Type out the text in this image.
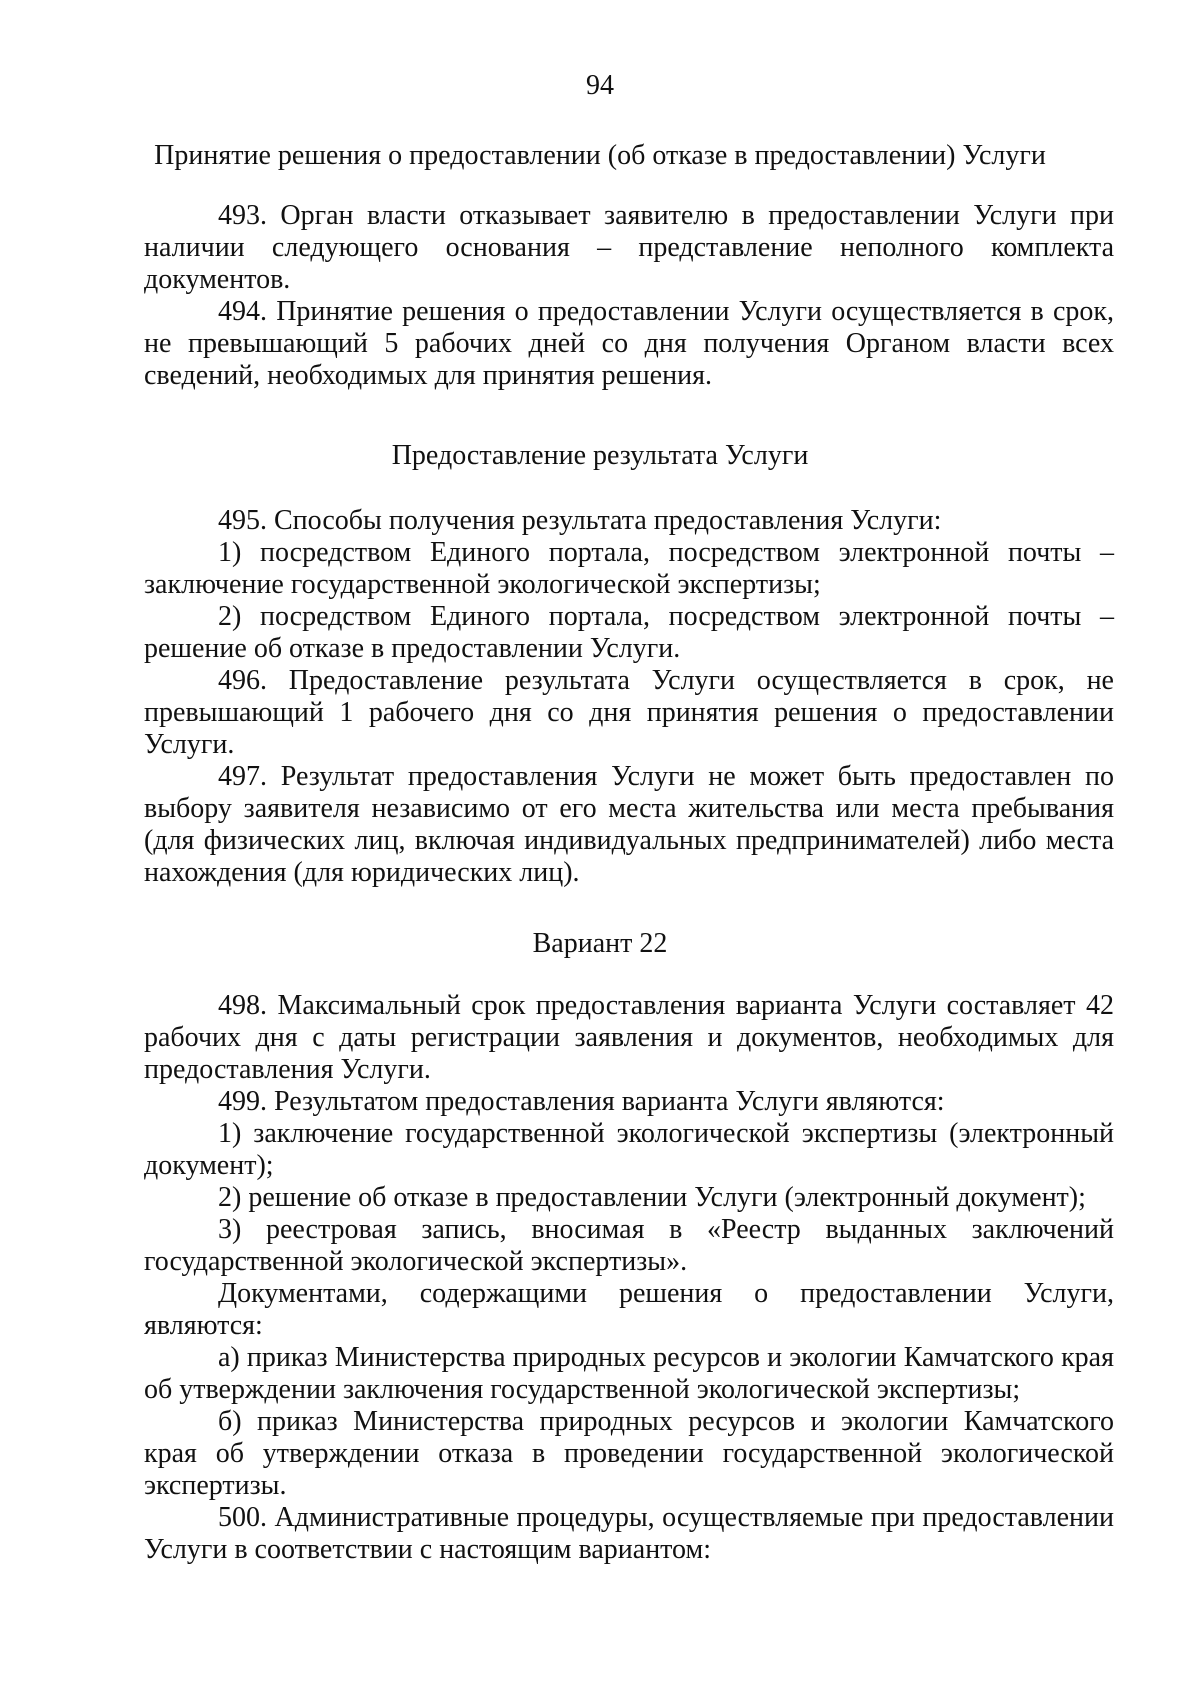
94
Принятие решения о предоставлении (об отказе в предоставлении) Услуги

493. Орган власти отказывает заявителю в предоставлении Услуги при наличии следующего основания – представление неполного комплекта документов.

494. Принятие решения о предоставлении Услуги осуществляется в срок, не превышающий 5 рабочих дней со дня получения Органом власти всех сведений, необходимых для принятия решения.

Предоставление результата Услуги

495. Способы получения результата предоставления Услуги:

1) посредством Единого портала, посредством электронной почты – заключение государственной экологической экспертизы;

2) посредством Единого портала, посредством электронной почты – решение об отказе в предоставлении Услуги.

496. Предоставление результата Услуги осуществляется в срок, не превышающий 1 рабочего дня со дня принятия решения о предоставлении Услуги.

497. Результат предоставления Услуги не может быть предоставлен по выбору заявителя независимо от его места жительства или места пребывания (для физических лиц, включая индивидуальных предпринимателей) либо места нахождения (для юридических лиц).

Вариант 22

498. Максимальный срок предоставления варианта Услуги составляет 42 рабочих дня с даты регистрации заявления и документов, необходимых для предоставления Услуги.

499. Результатом предоставления варианта Услуги являются:

1) заключение государственной экологической экспертизы (электронный документ);

2) решение об отказе в предоставлении Услуги (электронный документ);

3) реестровая запись, вносимая в «Реестр выданных заключений государственной экологической экспертизы».

Документами, содержащими решения о предоставлении Услуги, являются:

а) приказ Министерства природных ресурсов и экологии Камчатского края об утверждении заключения государственной экологической экспертизы;

б) приказ Министерства природных ресурсов и экологии Камчатского края об утверждении отказа в проведении государственной экологической экспертизы.

500. Административные процедуры, осуществляемые при предоставлении Услуги в соответствии с настоящим вариантом:
